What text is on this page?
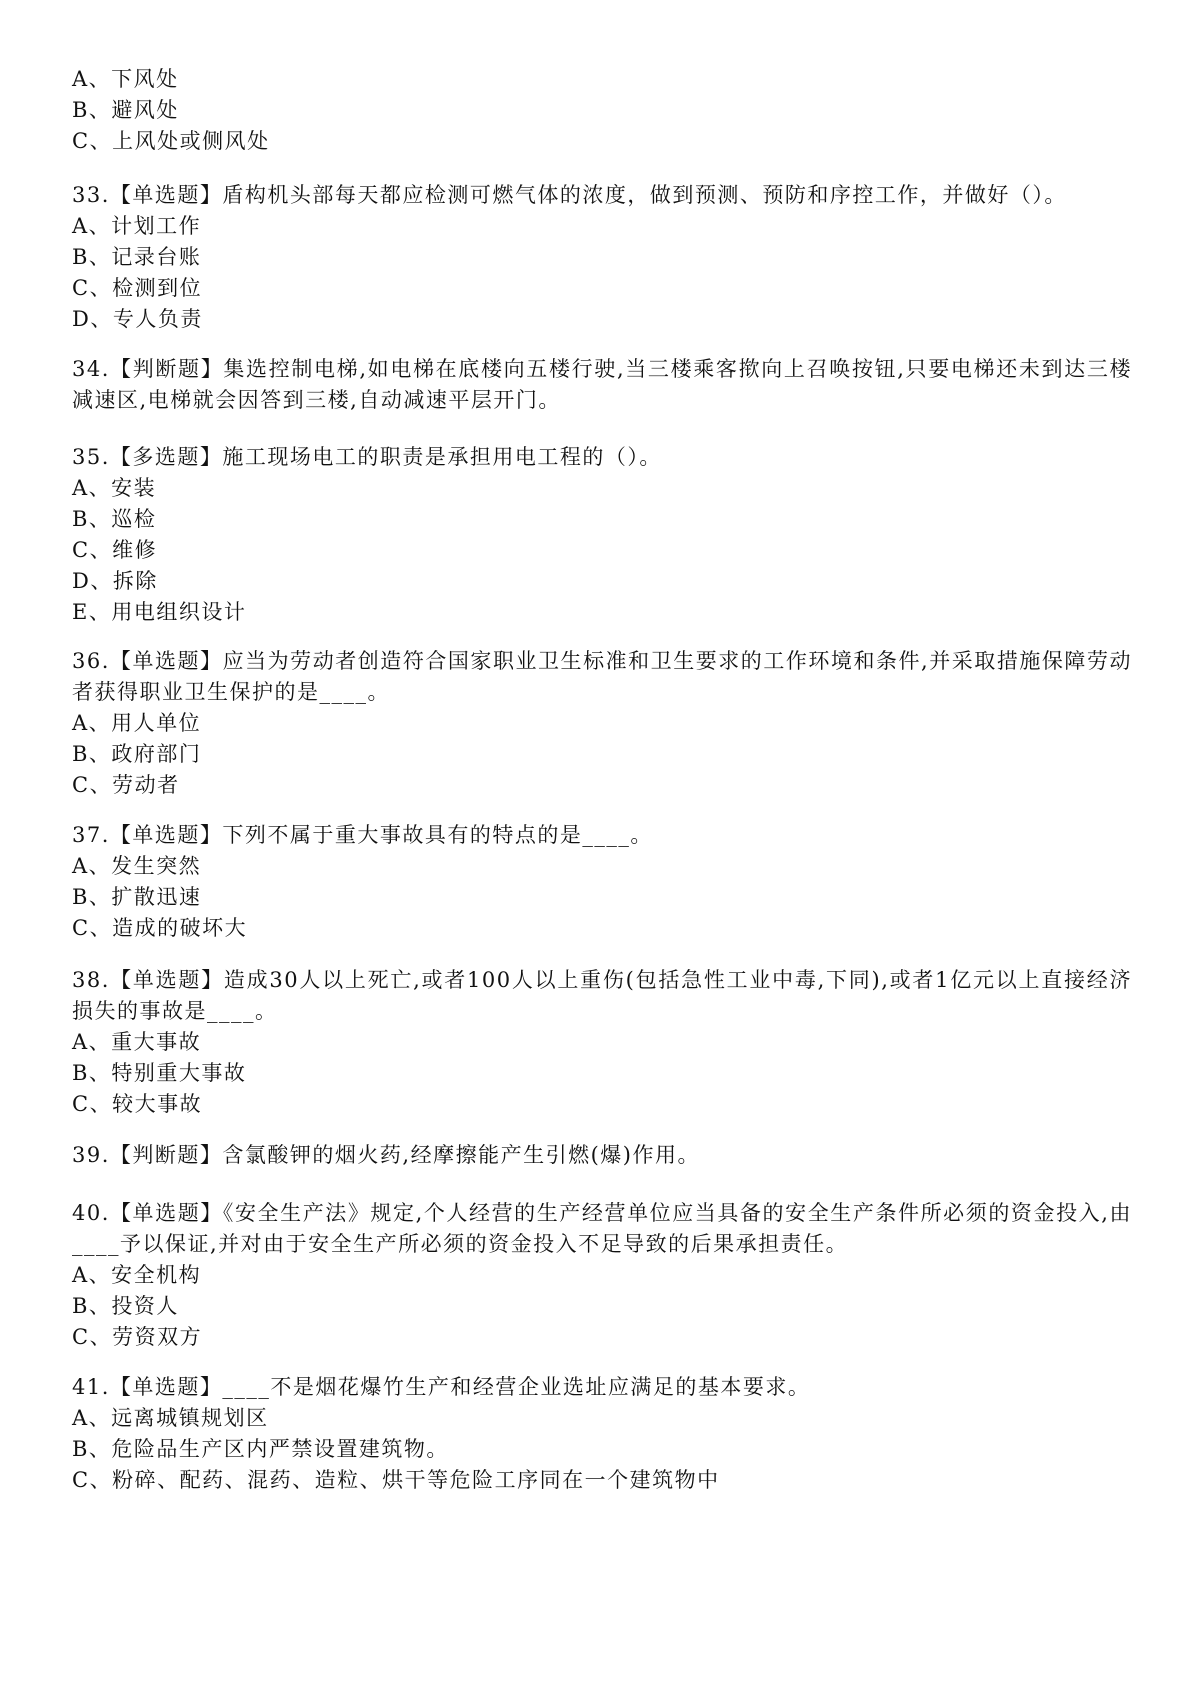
A、下风处
B、避风处
C、上风处或侧风处
33.【单选题】盾构机头部每天都应检测可燃气体的浓度，做到预测、预防和序控工作，并做好（）。
A、计划工作
B、记录台账
C、检测到位
D、专人负责
34.【判断题】集选控制电梯,如电梯在底楼向五楼行驶,当三楼乘客揿向上召唤按钮,只要电梯还未到达三楼减速区,电梯就会因答到三楼,自动减速平层开门。
35.【多选题】施工现场电工的职责是承担用电工程的（）。
A、安装
B、巡检
C、维修
D、拆除
E、用电组织设计
36.【单选题】应当为劳动者创造符合国家职业卫生标准和卫生要求的工作环境和条件,并采取措施保障劳动者获得职业卫生保护的是____。
A、用人单位
B、政府部门
C、劳动者
37.【单选题】下列不属于重大事故具有的特点的是____。
A、发生突然
B、扩散迅速
C、造成的破坏大
38.【单选题】造成30人以上死亡,或者100人以上重伤(包括急性工业中毒,下同),或者1亿元以上直接经济损失的事故是____。
A、重大事故
B、特别重大事故
C、较大事故
39.【判断题】含氯酸钾的烟火药,经摩擦能产生引燃(爆)作用。
40.【单选题】《安全生产法》规定,个人经营的生产经营单位应当具备的安全生产条件所必须的资金投入,由____予以保证,并对由于安全生产所必须的资金投入不足导致的后果承担责任。
A、安全机构
B、投资人
C、劳资双方
41.【单选题】____不是烟花爆竹生产和经营企业选址应满足的基本要求。
A、远离城镇规划区
B、危险品生产区内严禁设置建筑物。
C、粉碎、配药、混药、造粒、烘干等危险工序同在一个建筑物中
